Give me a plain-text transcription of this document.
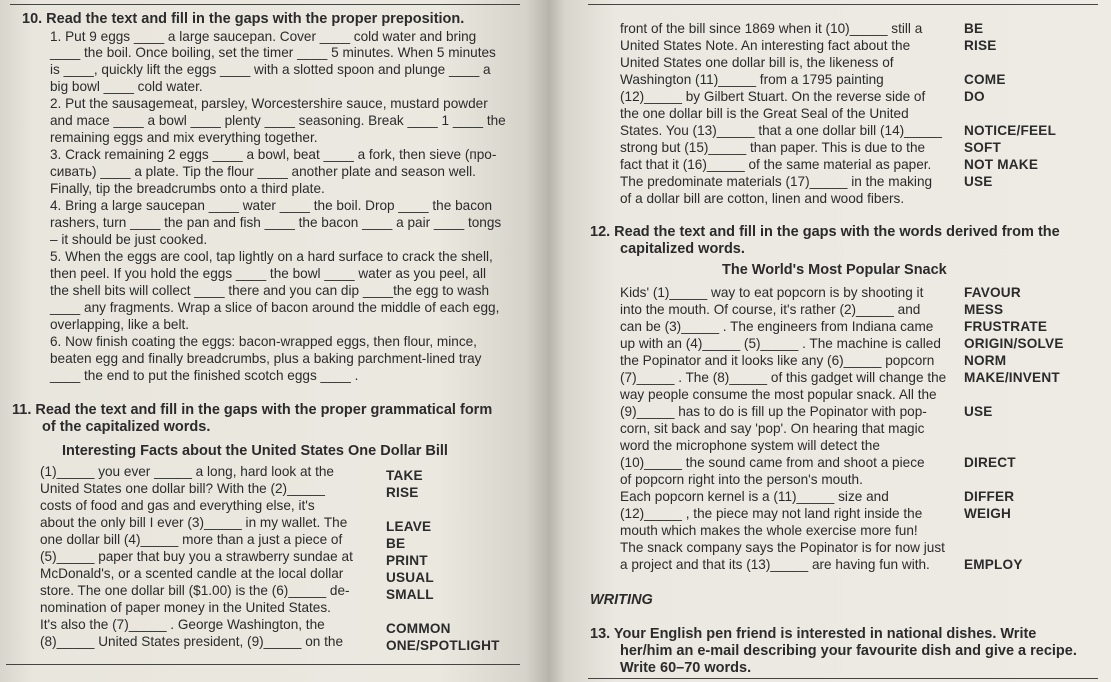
10. Read the text and fill in the gaps with the proper preposition.
1. Put 9 eggs ____ a large saucepan. Cover ____ cold water and bring
____ the boil. Once boiling, set the timer ____ 5 minutes. When 5 minutes
is ____, quickly lift the eggs ____ with a slotted spoon and plunge ____ a
big bowl ____ cold water.
2. Put the sausagemeat, parsley, Worcestershire sauce, mustard powder
and mace ____ a bowl ____ plenty ____ seasoning. Break ____ 1 ____ the
remaining eggs and mix everything together.
3. Crack remaining 2 eggs ____ a bowl, beat ____ a fork, then sieve (про-
сивать) ____ a plate. Tip the flour ____ another plate and season well.
Finally, tip the breadcrumbs onto a third plate.
4. Bring a large saucepan ____ water ____ the boil. Drop ____ the bacon
rashers, turn ____ the pan and fish ____ the bacon ____ a pair ____ tongs
– it should be just cooked.
5. When the eggs are cool, tap lightly on a hard surface to crack the shell,
then peel. If you hold the eggs ____ the bowl ____ water as you peel, all
the shell bits will collect ____ there and you can dip ____the egg to wash
____ any fragments. Wrap a slice of bacon around the middle of each egg,
overlapping, like a belt.
6. Now finish coating the eggs: bacon-wrapped eggs, then flour, mince,
beaten egg and finally breadcrumbs, plus a baking parchment-lined tray
____ the end to put the finished scotch eggs ____ .
11. Read the text and fill in the gaps with the proper grammatical form
of the capitalized words.
Interesting Facts about the United States One Dollar Bill
(1)_____ you ever _____ a long, hard look at the
United States one dollar bill? With the (2)_____
costs of food and gas and everything else, it's
about the only bill I ever (3)_____ in my wallet. The
one dollar bill (4)_____ more than a just a piece of
(5)_____ paper that buy you a strawberry sundae at
McDonald's, or a scented candle at the local dollar
store. The one dollar bill ($1.00) is the (6)_____ de-
nomination of paper money in the United States.
It's also the (7)_____ . George Washington, the
(8)_____ United States president, (9)_____ on the
TAKE
RISE
LEAVE
BE
PRINT
USUAL
SMALL
COMMON
ONE/SPOTLIGHT
front of the bill since 1869 when it (10)_____ still a
United States Note. An interesting fact about the
United States one dollar bill is, the likeness of
Washington (11)_____ from a 1795 painting
(12)_____ by Gilbert Stuart. On the reverse side of
the one dollar bill is the Great Seal of the United
States. You (13)_____ that a one dollar bill (14)_____
strong but (15)_____ than paper. This is due to the
fact that it (16)_____ of the same material as paper.
The predominate materials (17)_____ in the making
of a dollar bill are cotton, linen and wood fibers.
BE
RISE
COME
DO
NOTICE/FEEL
SOFT
NOT MAKE
USE
12. Read the text and fill in the gaps with the words derived from the
capitalized words.
The World's Most Popular Snack
Kids' (1)_____ way to eat popcorn is by shooting it
into the mouth. Of course, it's rather (2)_____ and
can be (3)_____ . The engineers from Indiana came
up with an (4)_____ (5)_____ . The machine is called
the Popinator and it looks like any (6)_____ popcorn
(7)_____ . The (8)_____ of this gadget will change the
way people consume the most popular snack. All the
(9)_____ has to do is fill up the Popinator with pop-
corn, sit back and say 'pop'. On hearing that magic
word the microphone system will detect the
(10)_____ the sound came from and shoot a piece
of popcorn right into the person's mouth.
Each popcorn kernel is a (11)_____ size and
(12)_____ , the piece may not land right inside the
mouth which makes the whole exercise more fun!
The snack company says the Popinator is for now just
a project and that its (13)_____ are having fun with.
FAVOUR
MESS
FRUSTRATE
ORIGIN/SOLVE
NORM
MAKE/INVENT
USE
DIRECT
DIFFER
WEIGH
EMPLOY
WRITING
13. Your English pen friend is interested in national dishes. Write
her/him an e-mail describing your favourite dish and give a recipe.
Write 60–70 words.
